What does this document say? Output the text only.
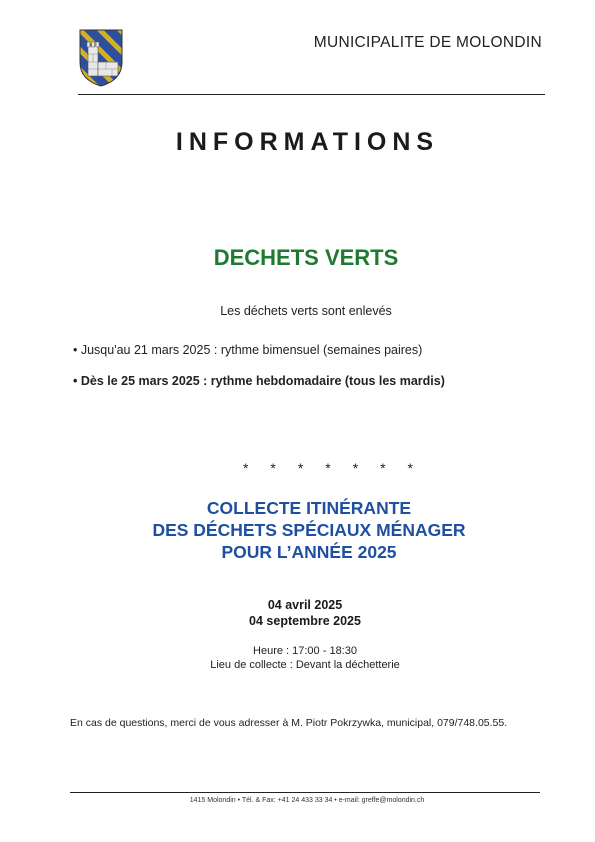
MUNICIPALITE DE MOLONDIN
INFORMATIONS
DECHETS VERTS
Les déchets verts sont enlevés
• Jusqu'au 21 mars 2025 : rythme bimensuel (semaines paires)
• Dès le 25 mars 2025 : rythme hebdomadaire (tous les mardis)
* * * * * * *
COLLECTE ITINÉRANTE
DES DÉCHETS SPÉCIAUX MÉNAGER
POUR L’ANNÉE 2025
04 avril 2025
04 septembre 2025
Heure : 17:00 - 18:30
Lieu de collecte : Devant la déchetterie
En cas de questions, merci de vous adresser à M. Piotr Pokrzywka, municipal, 079/748.05.55.
1415 Molondin • Tél. & Fax: +41 24 433 33 34 • e-mail: greffe@molondin.ch
